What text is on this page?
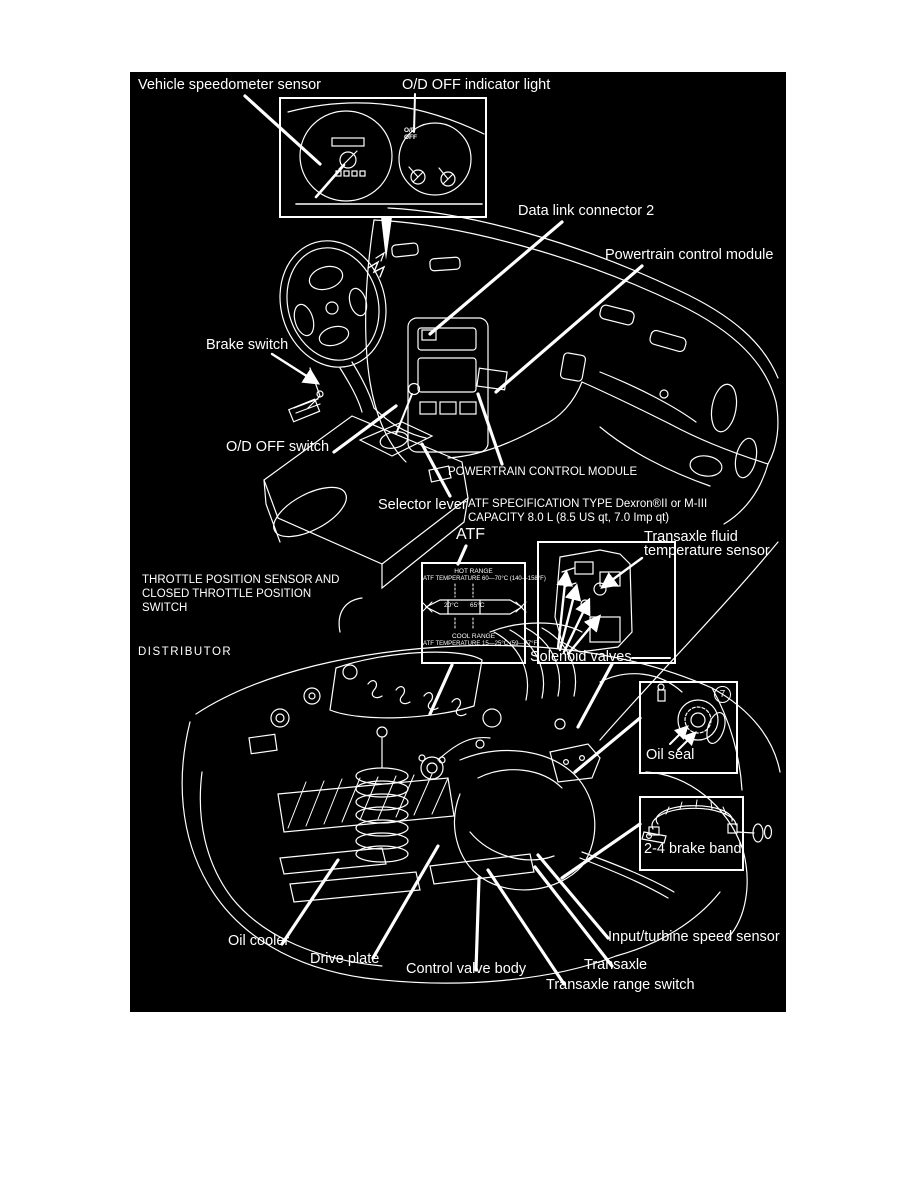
Vehicle speedometer sensor	O/D OFF indicator light
Data link connector 2
Powertrain control module
Brake switch
O/D OFF switch
POWERTRAIN CONTROL MODULE
Selector lever ATF SPECIFICATION TYPE Dexron®II or M-III
CAPACITY 8.0 L (8.5 US qt, 7.0 Imp qt)
ATF	Transaxle fluid
temperature sensor
THROTTLE POSITION SENSOR AND
CLOSED THROTTLE POSITION
SWITCH
DISTRIBUTOR	Solenoid valves
Oil seal
7
2-4 brake band
Oil cooler
Drive plate
Control valve body	Transaxle
Transaxle range switch
Input/turbine speed sensor
O/D
OFF
HOT RANGE
ATF TEMPERATURE 60—70°C (140—158°F)
20°C 65°C
COOL RANGE
ATF TEMPERATURE 15—25°C (59—77°F)
